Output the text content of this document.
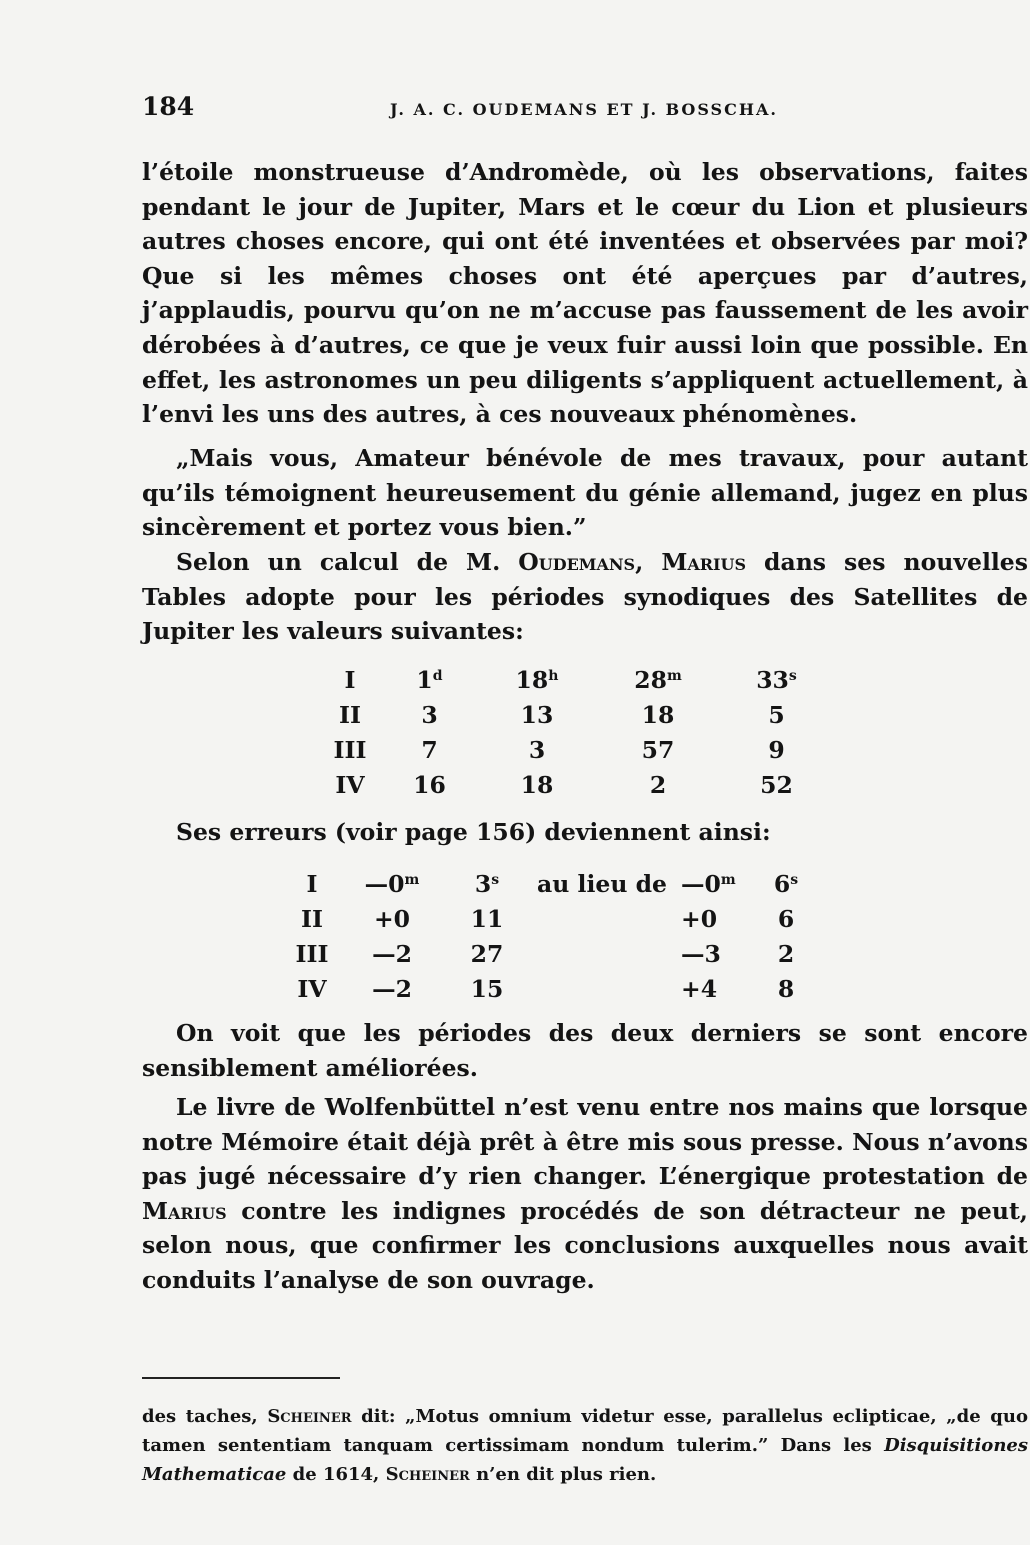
184	J. A. C. OUDEMANS ET J. BOSSCHA.

l’étoile monstrueuse d’Andromède, où les observations, faites pendant le jour de Jupiter, Mars et le cœur du Lion et plusieurs autres choses encore, qui ont été inventées et observées par moi? Que si les mêmes choses ont été aperçues par d’autres, j’applaudis, pourvu qu’on ne m’accuse pas faussement de les avoir dérobées à d’autres, ce que je veux fuir aussi loin que possible. En effet, les astronomes un peu diligents s’appliquent actuellement, à l’envi les uns des autres, à ces nouveaux phénomènes.

„Mais vous, Amateur bénévole de mes travaux, pour autant qu’ils témoignent heureusement du génie allemand, jugez en plus sincèrement et portez vous bien.”

Selon un calcul de M. Oudemans, Marius dans ses nouvelles Tables adopte pour les périodes synodiques des Satellites de Jupiter les valeurs suivantes:

I	1$^d$	18$^h$	28$^m$	33$^s$
II	3	13	18	5
III	7	3	57	9
IV	16	18	2	52
Ses erreurs (voir page 156) deviennent ainsi:
I	—0$^m$	3$^s$	au lieu de	—0$^m$	6$^s$
II	+0	11		+0	6
III	—2	27		—3	2
IV	—2	15		+4	8

On voit que les périodes des deux derniers se sont encore sensiblement améliorées.

Le livre de Wolfenbüttel n’est venu entre nos mains que lorsque notre Mémoire était déjà prêt à être mis sous presse. Nous n’avons pas jugé nécessaire d’y rien changer. L’énergique protestation de Marius contre les indignes procédés de son détracteur ne peut, selon nous, que confirmer les conclusions auxquelles nous avait conduits l’analyse de son ouvrage.

des taches, Scheiner dit: „Motus omnium videtur esse, parallelus eclipticae, „de quo tamen sententiam tanquam certissimam nondum tulerim.” Dans les Disquisitiones Mathematicae de 1614, Scheiner n’en dit plus rien.
